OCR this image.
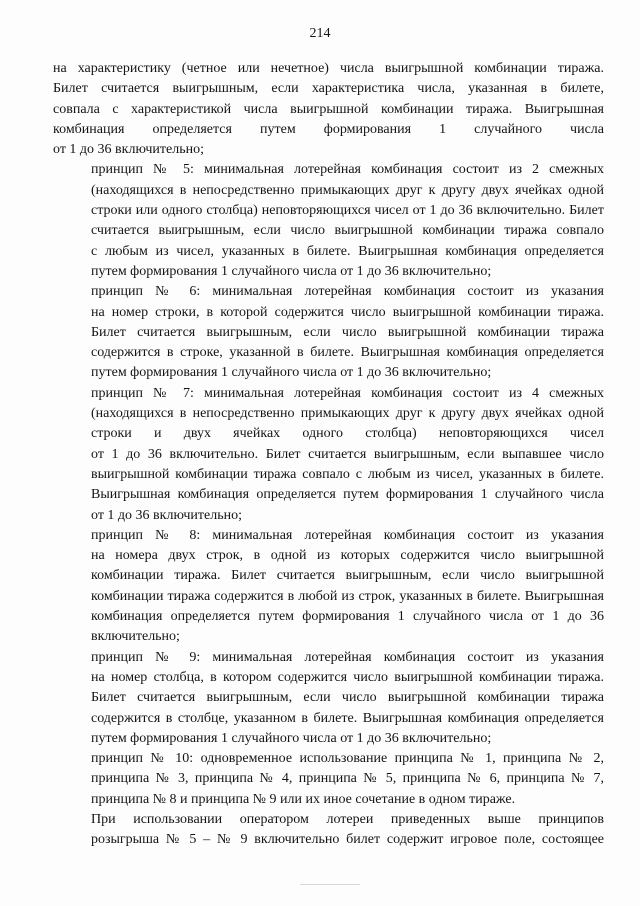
214

на характеристику (четное или нечетное) числа выигрышной комбинации тиража.
Билет считается выигрышным, если характеристика числа, указанная в билете,
совпала с характеристикой числа выигрышной комбинации тиража. Выигрышная
комбинация определяется путем формирования 1 случайного числа
от 1 до 36 включительно;

принцип № 5: минимальная лотерейная комбинация состоит из 2 смежных
(находящихся в непосредственно примыкающих друг к другу двух ячейках одной
строки или одного столбца) неповторяющихся чисел от 1 до 36 включительно. Билет
считается выигрышным, если число выигрышной комбинации тиража совпало
с любым из чисел, указанных в билете. Выигрышная комбинация определяется
путем формирования 1 случайного числа от 1 до 36 включительно;

принцип № 6: минимальная лотерейная комбинация состоит из указания
на номер строки, в которой содержится число выигрышной комбинации тиража.
Билет считается выигрышным, если число выигрышной комбинации тиража
содержится в строке, указанной в билете. Выигрышная комбинация определяется
путем формирования 1 случайного числа от 1 до 36 включительно;

принцип № 7: минимальная лотерейная комбинация состоит из 4 смежных
(находящихся в непосредственно примыкающих друг к другу двух ячейках одной
строки и двух ячейках одного столбца) неповторяющихся чисел
от 1 до 36 включительно. Билет считается выигрышным, если выпавшее число
выигрышной комбинации тиража совпало с любым из чисел, указанных в билете.
Выигрышная комбинация определяется путем формирования 1 случайного числа
от 1 до 36 включительно;

принцип № 8: минимальная лотерейная комбинация состоит из указания
на номера двух строк, в одной из которых содержится число выигрышной
комбинации тиража. Билет считается выигрышным, если число выигрышной
комбинации тиража содержится в любой из строк, указанных в билете. Выигрышная
комбинация определяется путем формирования 1 случайного числа от 1 до 36
включительно;

принцип № 9: минимальная лотерейная комбинация состоит из указания
на номер столбца, в котором содержится число выигрышной комбинации тиража.
Билет считается выигрышным, если число выигрышной комбинации тиража
содержится в столбце, указанном в билете. Выигрышная комбинация определяется
путем формирования 1 случайного числа от 1 до 36 включительно;

принцип № 10: одновременное использование принципа № 1, принципа № 2,
принципа № 3, принципа № 4, принципа № 5, принципа № 6, принципа № 7,
принципа № 8 и принципа № 9 или их иное сочетание в одном тираже.

При использовании оператором лотереи приведенных выше принципов
розыгрыша № 5 – № 9 включительно билет содержит игровое поле, состоящее
